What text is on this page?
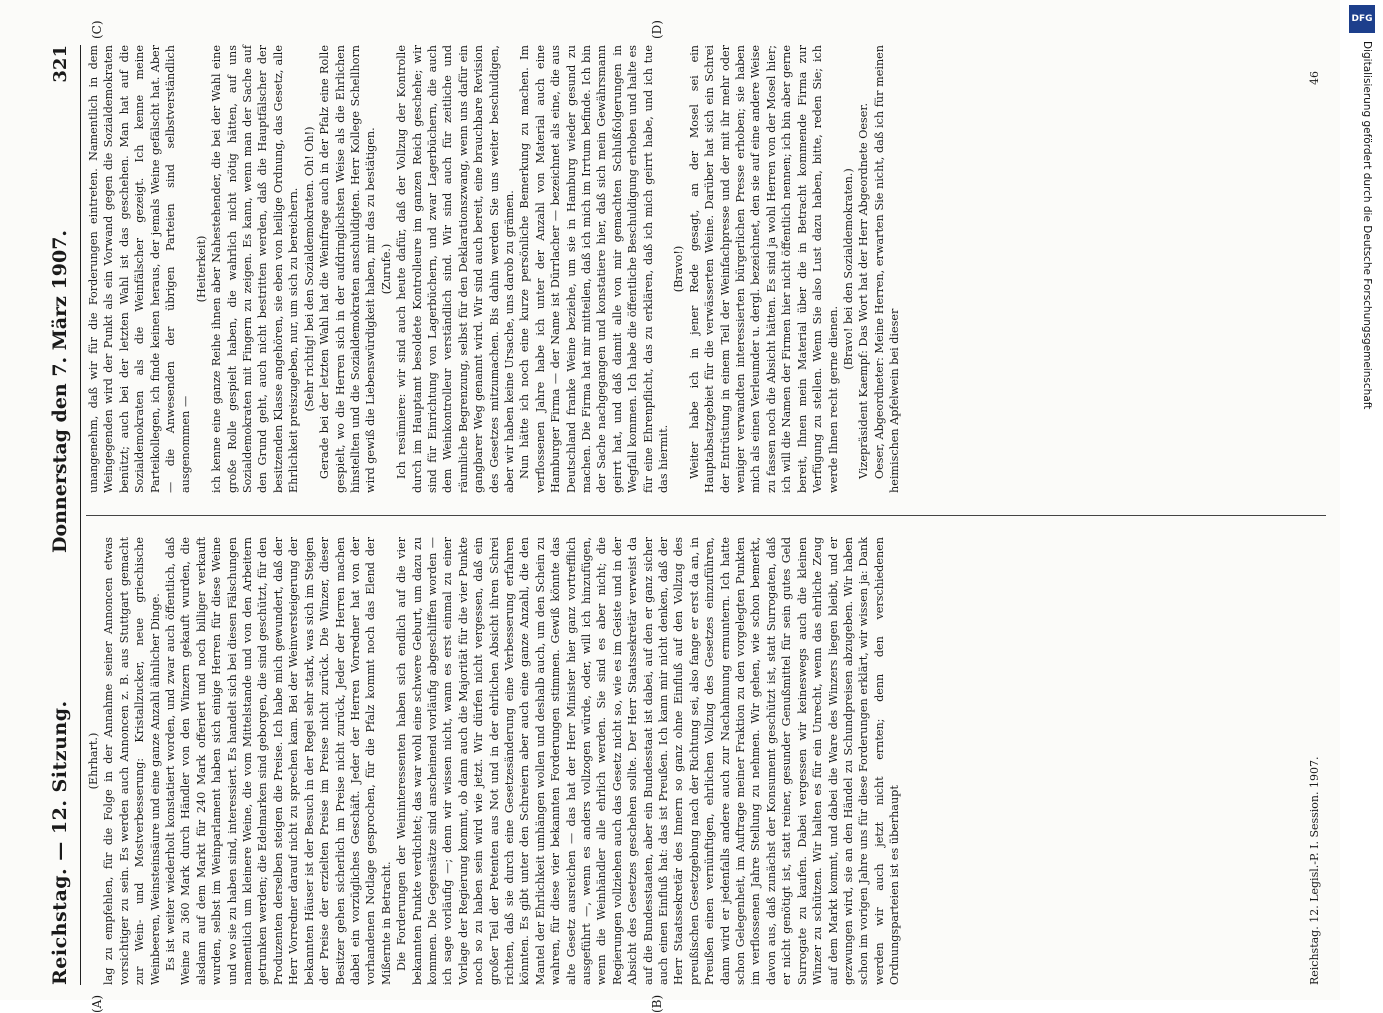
Reichstag. — 12. Sitzung.
Donnerstag den 7. März 1907.
321
(A)	(B)
(C)	(D)

(Ehrhart.) lag zu empfehlen, für die Folge in der Annahme seiner Annoncen etwas vorsichtiger zu sein. Es werden auch Annoncen z. B. aus Stuttgart gemacht zur Wein- und Mostverbesserung: Kristallzucker, neue griechische Weinbeeren, Weinsteinsäure und eine ganze Anzahl ähnlicher Dinge. Es ist weiter wiederholt konstatiert worden, und zwar auch öffentlich, daß Weine zu 360 Mark durch Händler von den Winzern gekauft wurden, die alsdann auf dem Markt für 240 Mark offeriert und noch billiger verkauft wurden, selbst im Weinparlament haben sich einige Herren für diese Weine und wo sie zu haben sind, interessiert. Es handelt sich bei diesen Fälschungen namentlich um kleinere Weine, die vom Mittelstande und von den Arbeitern getrunken werden; die Edelmarken sind geborgen, die sind geschützt, für den Produzenten derselben steigen die Preise. Ich habe mich gewundert, daß der Herr Vorredner darauf nicht zu sprechen kam. Bei der Weinversteigerung der bekannten Häuser ist der Besuch in der Regel sehr stark, was sich im Steigen der Preise der erzielten Preise im Preise nicht zurück. Die Winzer, dieser Besitzer gehen sicherlich im Preise nicht zurück, Jeder der Herren machen dabei ein vorzügliches Geschäft. Jeder der Herren Vorredner hat von der vorhandenen Notlage gesprochen, für die Pfalz kommt noch das Elend der Mißernte in Betracht. Die Forderungen der Weininteressenten haben sich endlich auf die vier bekannten Punkte verdichtet; das war wohl eine schwere Geburt, um dazu zu kommen. Die Gegensätze sind anscheinend vorläufig abgeschliffen worden — ich sage vorläufig —; denn wir wissen nicht, wann es erst einmal zu einer Vorlage der Regierung kommt, ob dann auch die Majorität für die vier Punkte noch so zu haben sein wird wie jetzt. Wir dürfen nicht vergessen, daß ein großer Teil der Petenten aus Not und in der ehrlichen Absicht ihren Schrei richten, daß sie durch eine Gesetzesänderung eine Verbesserung erfahren könnten. Es gibt unter den Schreiern aber auch eine ganze Anzahl, die den Mantel der Ehrlichkeit umhängen wollen und deshalb auch, um den Schein zu wahren, für diese vier bekannten Forderungen stimmen. Gewiß könnte das alte Gesetz ausreichen — das hat der Herr Minister hier ganz vortrefflich ausgeführt —, wenn es anders vollzogen würde, oder, will ich hinzufügen, wenn die Weinhändler alle ehrlich werden. Sie sind es aber nicht; die Regierungen vollziehen auch das Gesetz nicht so, wie es im Geiste und in der Absicht des Gesetzes geschehen sollte. Der Herr Staatssekretär verweist da auf die Bundesstaaten, aber ein Bundesstaat ist dabei, auf den er ganz sicher auch einen Einfluß hat: das ist Preußen. Ich kann mir nicht denken, daß der Herr Staatssekretär des Innern so ganz ohne Einfluß auf den Vollzug des preußischen Gesetzgebung nach der Richtung sei, also fange er erst da an, in Preußen einen vernünftigen, ehrlichen Vollzug des Gesetzes einzuführen, dann wird er jedenfalls andere auch zur Nachahmung ermuntern. Ich hatte schon Gelegenheit, im Auftrage meiner Fraktion zu den vorgelegten Punkten im verflossenen Jahre Stellung zu nehmen. Wir gehen, wie schon bemerkt, davon aus, daß zunächst der Konsument geschützt ist, statt Surrogaten, daß er nicht genötigt ist, statt reiner, gesunder Genußmittel für sein gutes Geld Surrogate zu kaufen. Dabei vergessen wir keineswegs auch die kleinen Winzer zu schützen. Wir halten es für ein Unrecht, wenn das ehrliche Zeug auf dem Markt kommt, und dabei die Ware des Winzers liegen bleibt, und er gezwungen wird, sie an den Händel zu Schundpreisen abzugeben. Wir haben schon im vorigen Jahre uns für diese Forderungen erklärt, wir wissen ja: Dank werden wir auch jetzt nicht ernten; denn den verschiedenen Ordnungsparteien ist es überhaupt

unangenehm, daß wir für die Forderungen eintreten. Namentlich in dem Weingegenden wird der Punkt als ein Vorwand gegen die Sozialdemokraten benützt; auch bei der letzten Wahl ist das geschehen. Man hat auf die Sozialdemokraten als die Weinfälscher gezeigt. Ich kenne meine Parteikollegen, ich finde keinen heraus, der jemals Weine gefälscht hat. Aber — die Anwesenden der übrigen Parteien sind selbstverständlich ausgenommen —

(Heiterkeit) ich kenne eine ganze Reihe ihnen aber Nahestehender, die bei der Wahl eine große Rolle gespielt haben, die wahrlich nicht nötig hätten, auf uns Sozialdemokraten mit Fingern zu zeigen. Es kann, wenn man der Sache auf den Grund geht, auch nicht bestritten werden, daß die Hauptfälscher der besitzenden Klasse angehören, sie eben von heilige Ordnung, das Gesetz, alle Ehrlichkeit preiszugeben, nur, um sich zu bereichern. (Sehr richtig! bei den Sozialdemokraten. Oh! Oh!) Gerade bei der letzten Wahl hat die Weinfrage auch in der Pfalz eine Rolle gespielt, wo die Herren sich in der aufdringlichsten Weise als die Ehrlichen hinstellten und die Sozialdemokraten anschuldigten. Herr Kollege Schellhorn wird gewiß die Liebenswürdigkeit haben, mir das zu bestätigen. (Zurufe.) Ich resümiere: wir sind auch heute dafür, daß der Vollzug der Kontrolle durch im Hauptamt besoldete Kontrolleure im ganzen Reich geschehe; wir sind für Einrichtung von Lagerbüchern, und zwar Lagerbüchern, die auch dem Weinkontrolleur verständlich sind. Wir sind auch für zeitliche und räumliche Begrenzung, selbst für den Deklarationszwang, wenn uns dafür ein gangbarer Weg genannt wird. Wir sind auch bereit, eine brauchbare Revision des Gesetzes mitzumachen. Bis dahin werden Sie uns weiter beschuldigen, aber wir haben keine Ursache, uns darob zu grämen. Nun hätte ich noch eine kurze persönliche Bemerkung zu machen. Im verflossenen Jahre habe ich unter der Anzahl von Material auch eine Hamburger Firma — der Name ist Dürrlacher — bezeichnet als eine, die aus Deutschland franke Weine beziehe, um sie in Hamburg wieder gesund zu machen. Die Firma hat mir mitteilen, daß ich mich im Irrtum befinde. Ich bin der Sache nachgegangen und konstatiere hier, daß sich mein Gewährsmann geirrt hat, und daß damit alle von mir gemachten Schlußfolgerungen in Wegfall kommen. Ich habe die öffentliche Beschuldigung erhoben und halte es für eine Ehrenpflicht, das zu erklären, daß ich mich geirrt habe, und ich tue das hiermit.

(Bravo!) Weiter habe ich in jener Rede gesagt, an der Mosel sei ein Hauptabsatzgebiet für die verwässerten Weine. Darüber hat sich ein Schrei der Entrüstung in einem Teil der Weinfachpresse und der mit ihr mehr oder weniger verwandten interessierten bürgerlichen Presse erhoben; sie haben mich als einen Verleumder u. dergl. bezeichnet, den sie auf eine andere Weise zu fassen noch die Absicht hätten. Es sind ja wohl Herren von der Mosel hier; ich will die Namen der Firmen hier nicht öffentlich nennen; ich bin aber gerne bereit, Ihnen mein Material über die in Betracht kommende Firma zur Verfügung zu stellen. Wenn Sie also Lust dazu haben, bitte, reden Sie; ich werde Ihnen recht gerne dienen.

(Bravo! bei den Sozialdemokraten.) Vizepräsident Kaempf: Das Wort hat der Herr Abgeordnete Oeser. Oeser, Abgeordneter: Meine Herren, erwarten Sie nicht, daß ich für meinen heimischen Apfelwein bei dieser

Reichstag. 12. Legisl.-P. I. Session. 1907.
46
DFG
Digitalisierung gefördert durch die Deutsche Forschungsgemeinschaft
